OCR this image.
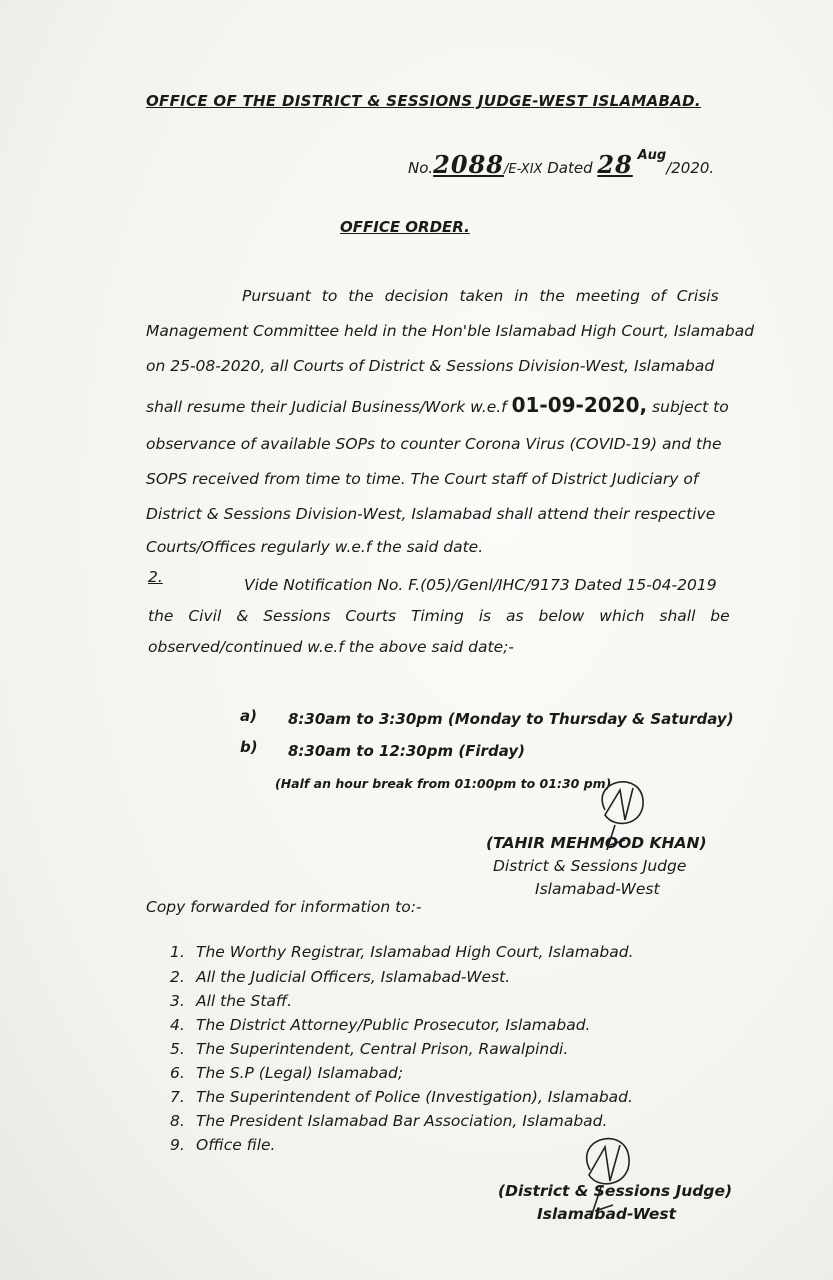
OFFICE OF THE DISTRICT & SESSIONS JUDGE-WEST ISLAMABAD.
No.2088/E-XIX Dated 28 Aug/2020.
OFFICE ORDER.
Pursuant to the decision taken in the meeting of Crisis
Management Committee held in the Hon'ble Islamabad High Court, Islamabad
on 25-08-2020, all Courts of District & Sessions Division-West, Islamabad
shall resume their Judicial Business/Work w.e.f 01-09-2020, subject to
observance of available SOPs to counter Corona Virus (COVID-19) and the
SOPS received from time to time. The Court staff of District Judiciary of
District & Sessions Division-West, Islamabad shall attend their respective
Courts/Offices regularly w.e.f the said date.
2.	Vide Notification No. F.(05)/Genl/IHC/9173 Dated 15-04-2019
the Civil & Sessions Courts Timing is as below which shall be
observed/continued w.e.f the above said date;-
a) 8:30am to 3:30pm (Monday to Thursday & Saturday)
b) 8:30am to 12:30pm (Firday)
(Half an hour break from 01:00pm to 01:30 pm)
(TAHIR MEHMOOD KHAN)
District & Sessions Judge
Islamabad-West
Copy forwarded for information to:-
1. The Worthy Registrar, Islamabad High Court, Islamabad.
2. All the Judicial Officers, Islamabad-West.
3. All the Staff.
4. The District Attorney/Public Prosecutor, Islamabad.
5. The Superintendent, Central Prison, Rawalpindi.
6. The S.P (Legal) Islamabad;
7. The Superintendent of Police (Investigation), Islamabad.
8. The President Islamabad Bar Association, Islamabad.
9. Office file.
(District & Sessions Judge)
Islamabad-West
